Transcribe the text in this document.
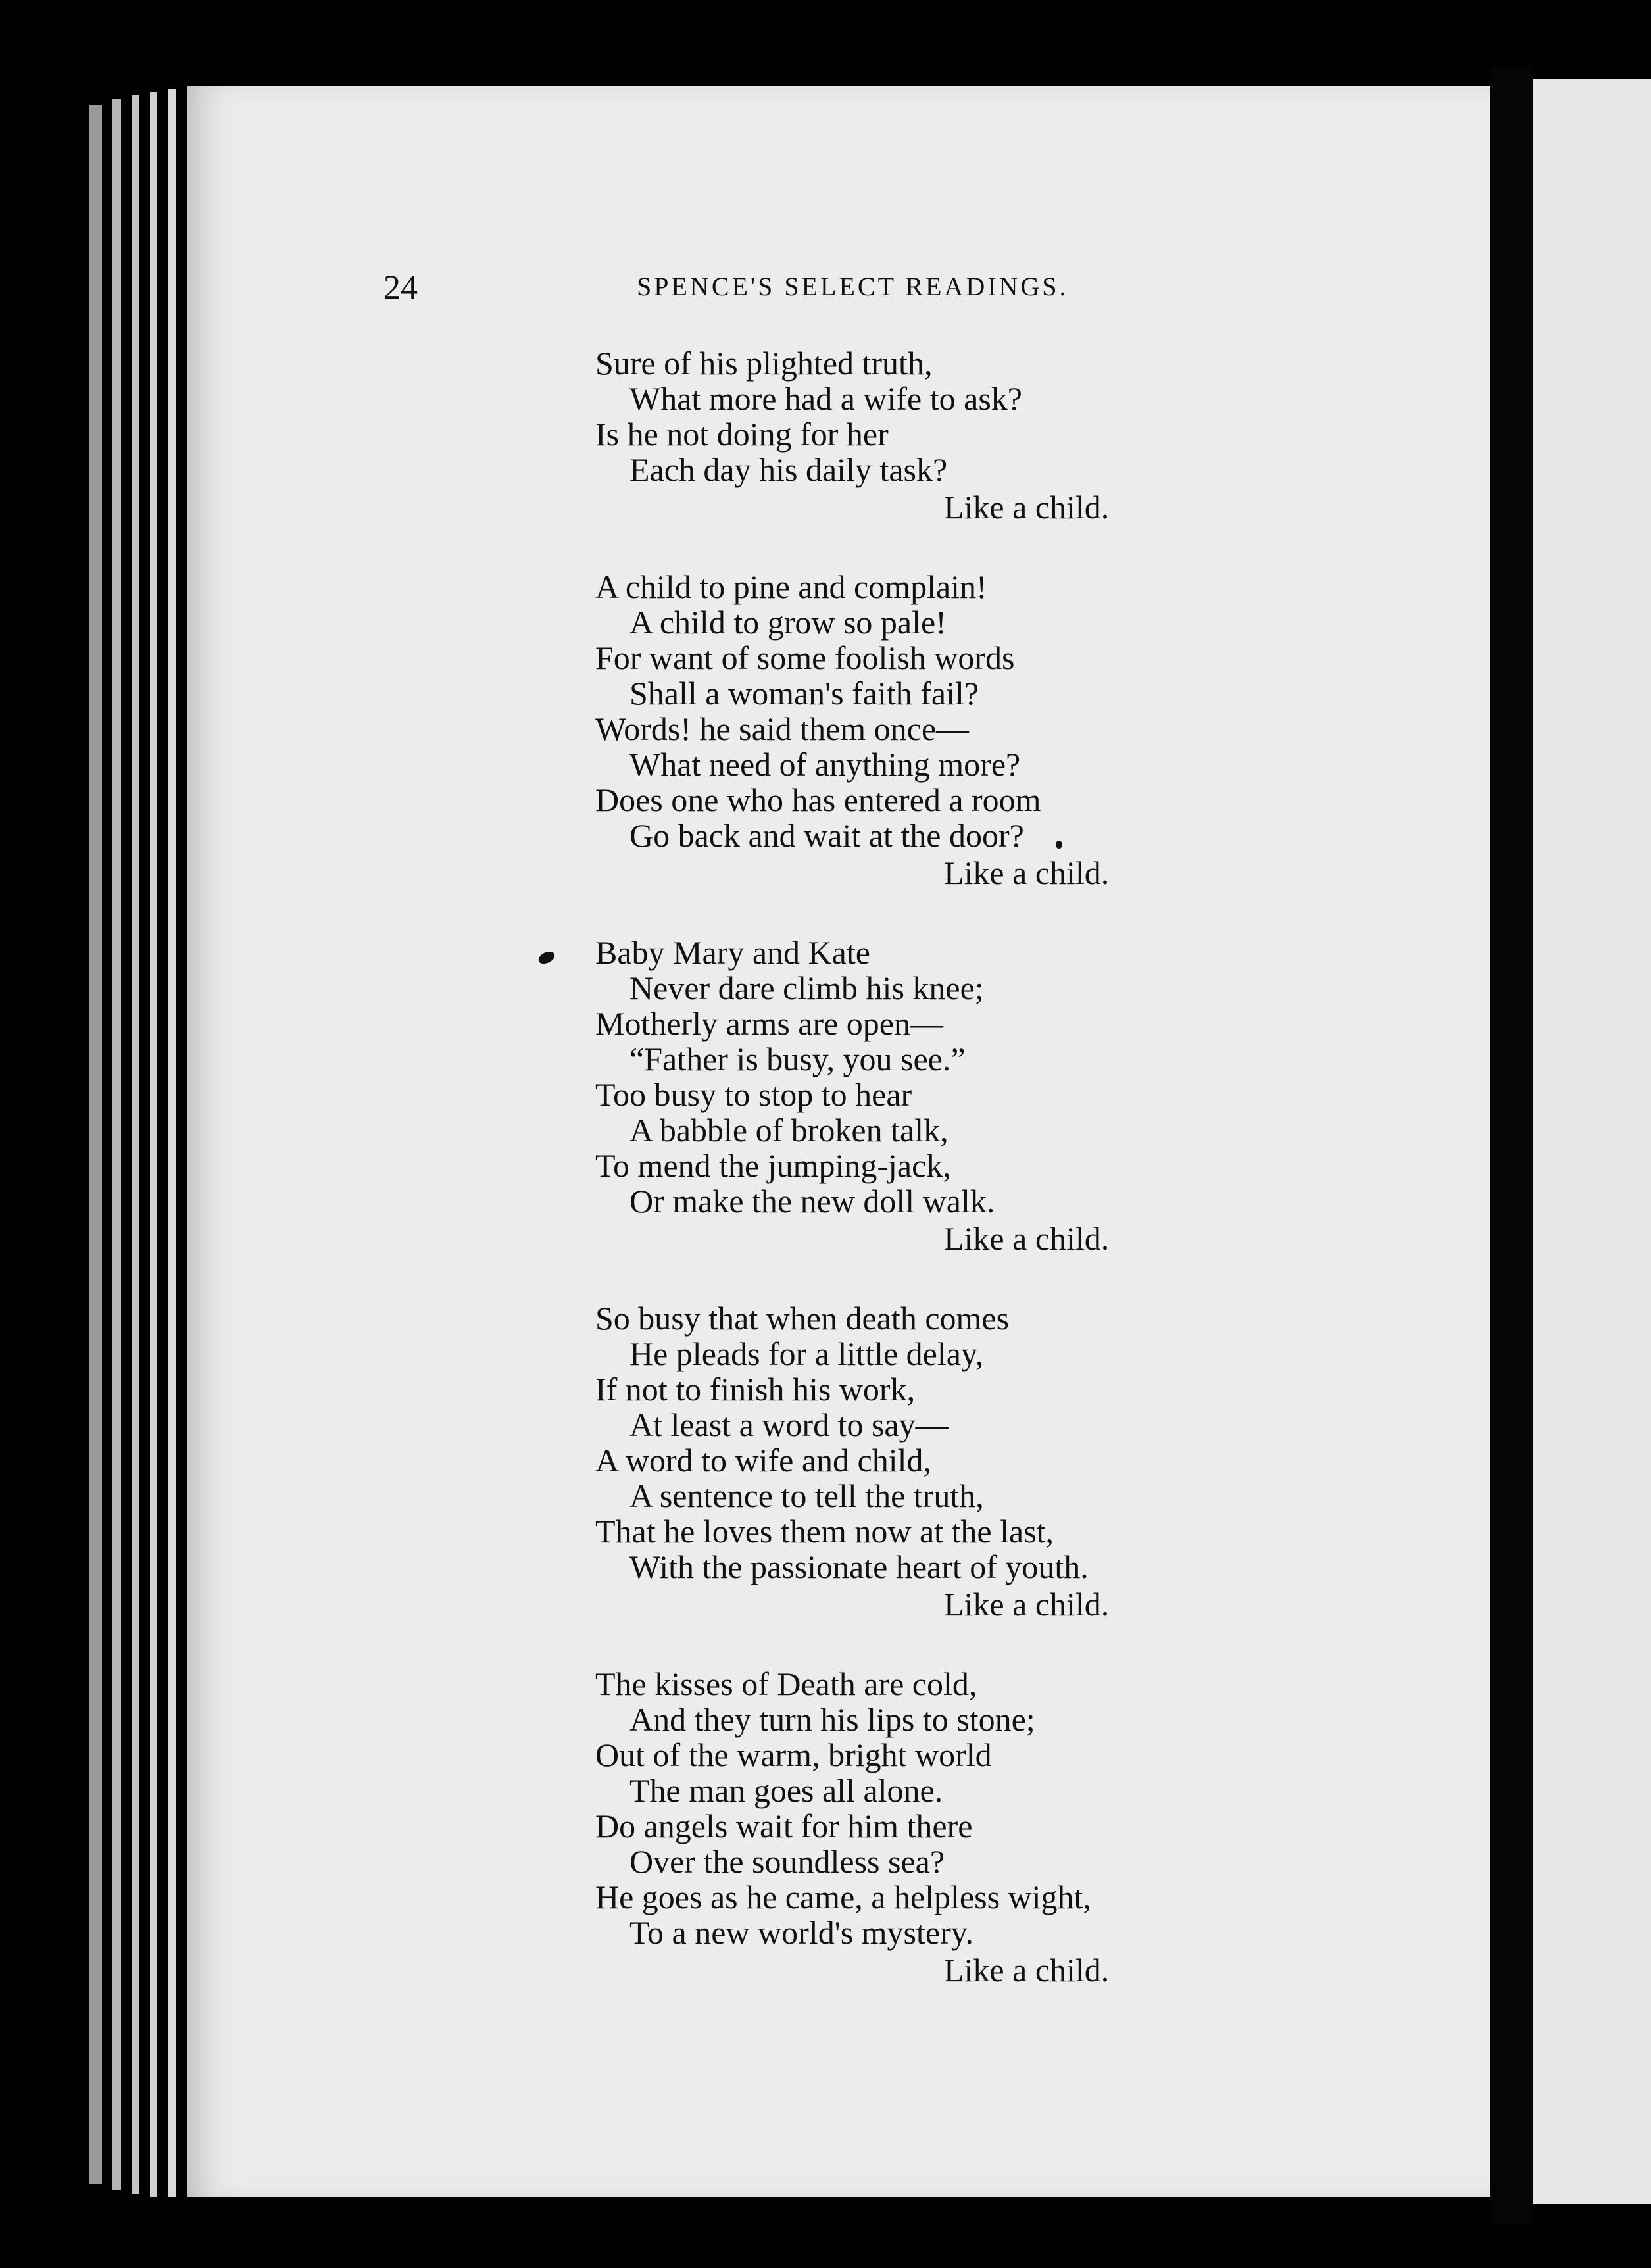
24	SPENCE'S SELECT READINGS.
Sure of his plighted truth,
What more had a wife to ask?
Is he not doing for her
Each day his daily task?
Like a child.
A child to pine and complain!
A child to grow so pale!
For want of some foolish words
Shall a woman's faith fail?
Words! he said them once—
What need of anything more?
Does one who has entered a room
Go back and wait at the door?
Like a child.
Baby Mary and Kate
Never dare climb his knee;
Motherly arms are open—
“Father is busy, you see.”
Too busy to stop to hear
A babble of broken talk,
To mend the jumping-jack,
Or make the new doll walk.
Like a child.
So busy that when death comes
He pleads for a little delay,
If not to finish his work,
At least a word to say—
A word to wife and child,
A sentence to tell the truth,
That he loves them now at the last,
With the passionate heart of youth.
Like a child.
The kisses of Death are cold,
And they turn his lips to stone;
Out of the warm, bright world
The man goes all alone.
Do angels wait for him there
Over the soundless sea?
He goes as he came, a helpless wight,
To a new world's mystery.
Like a child.
